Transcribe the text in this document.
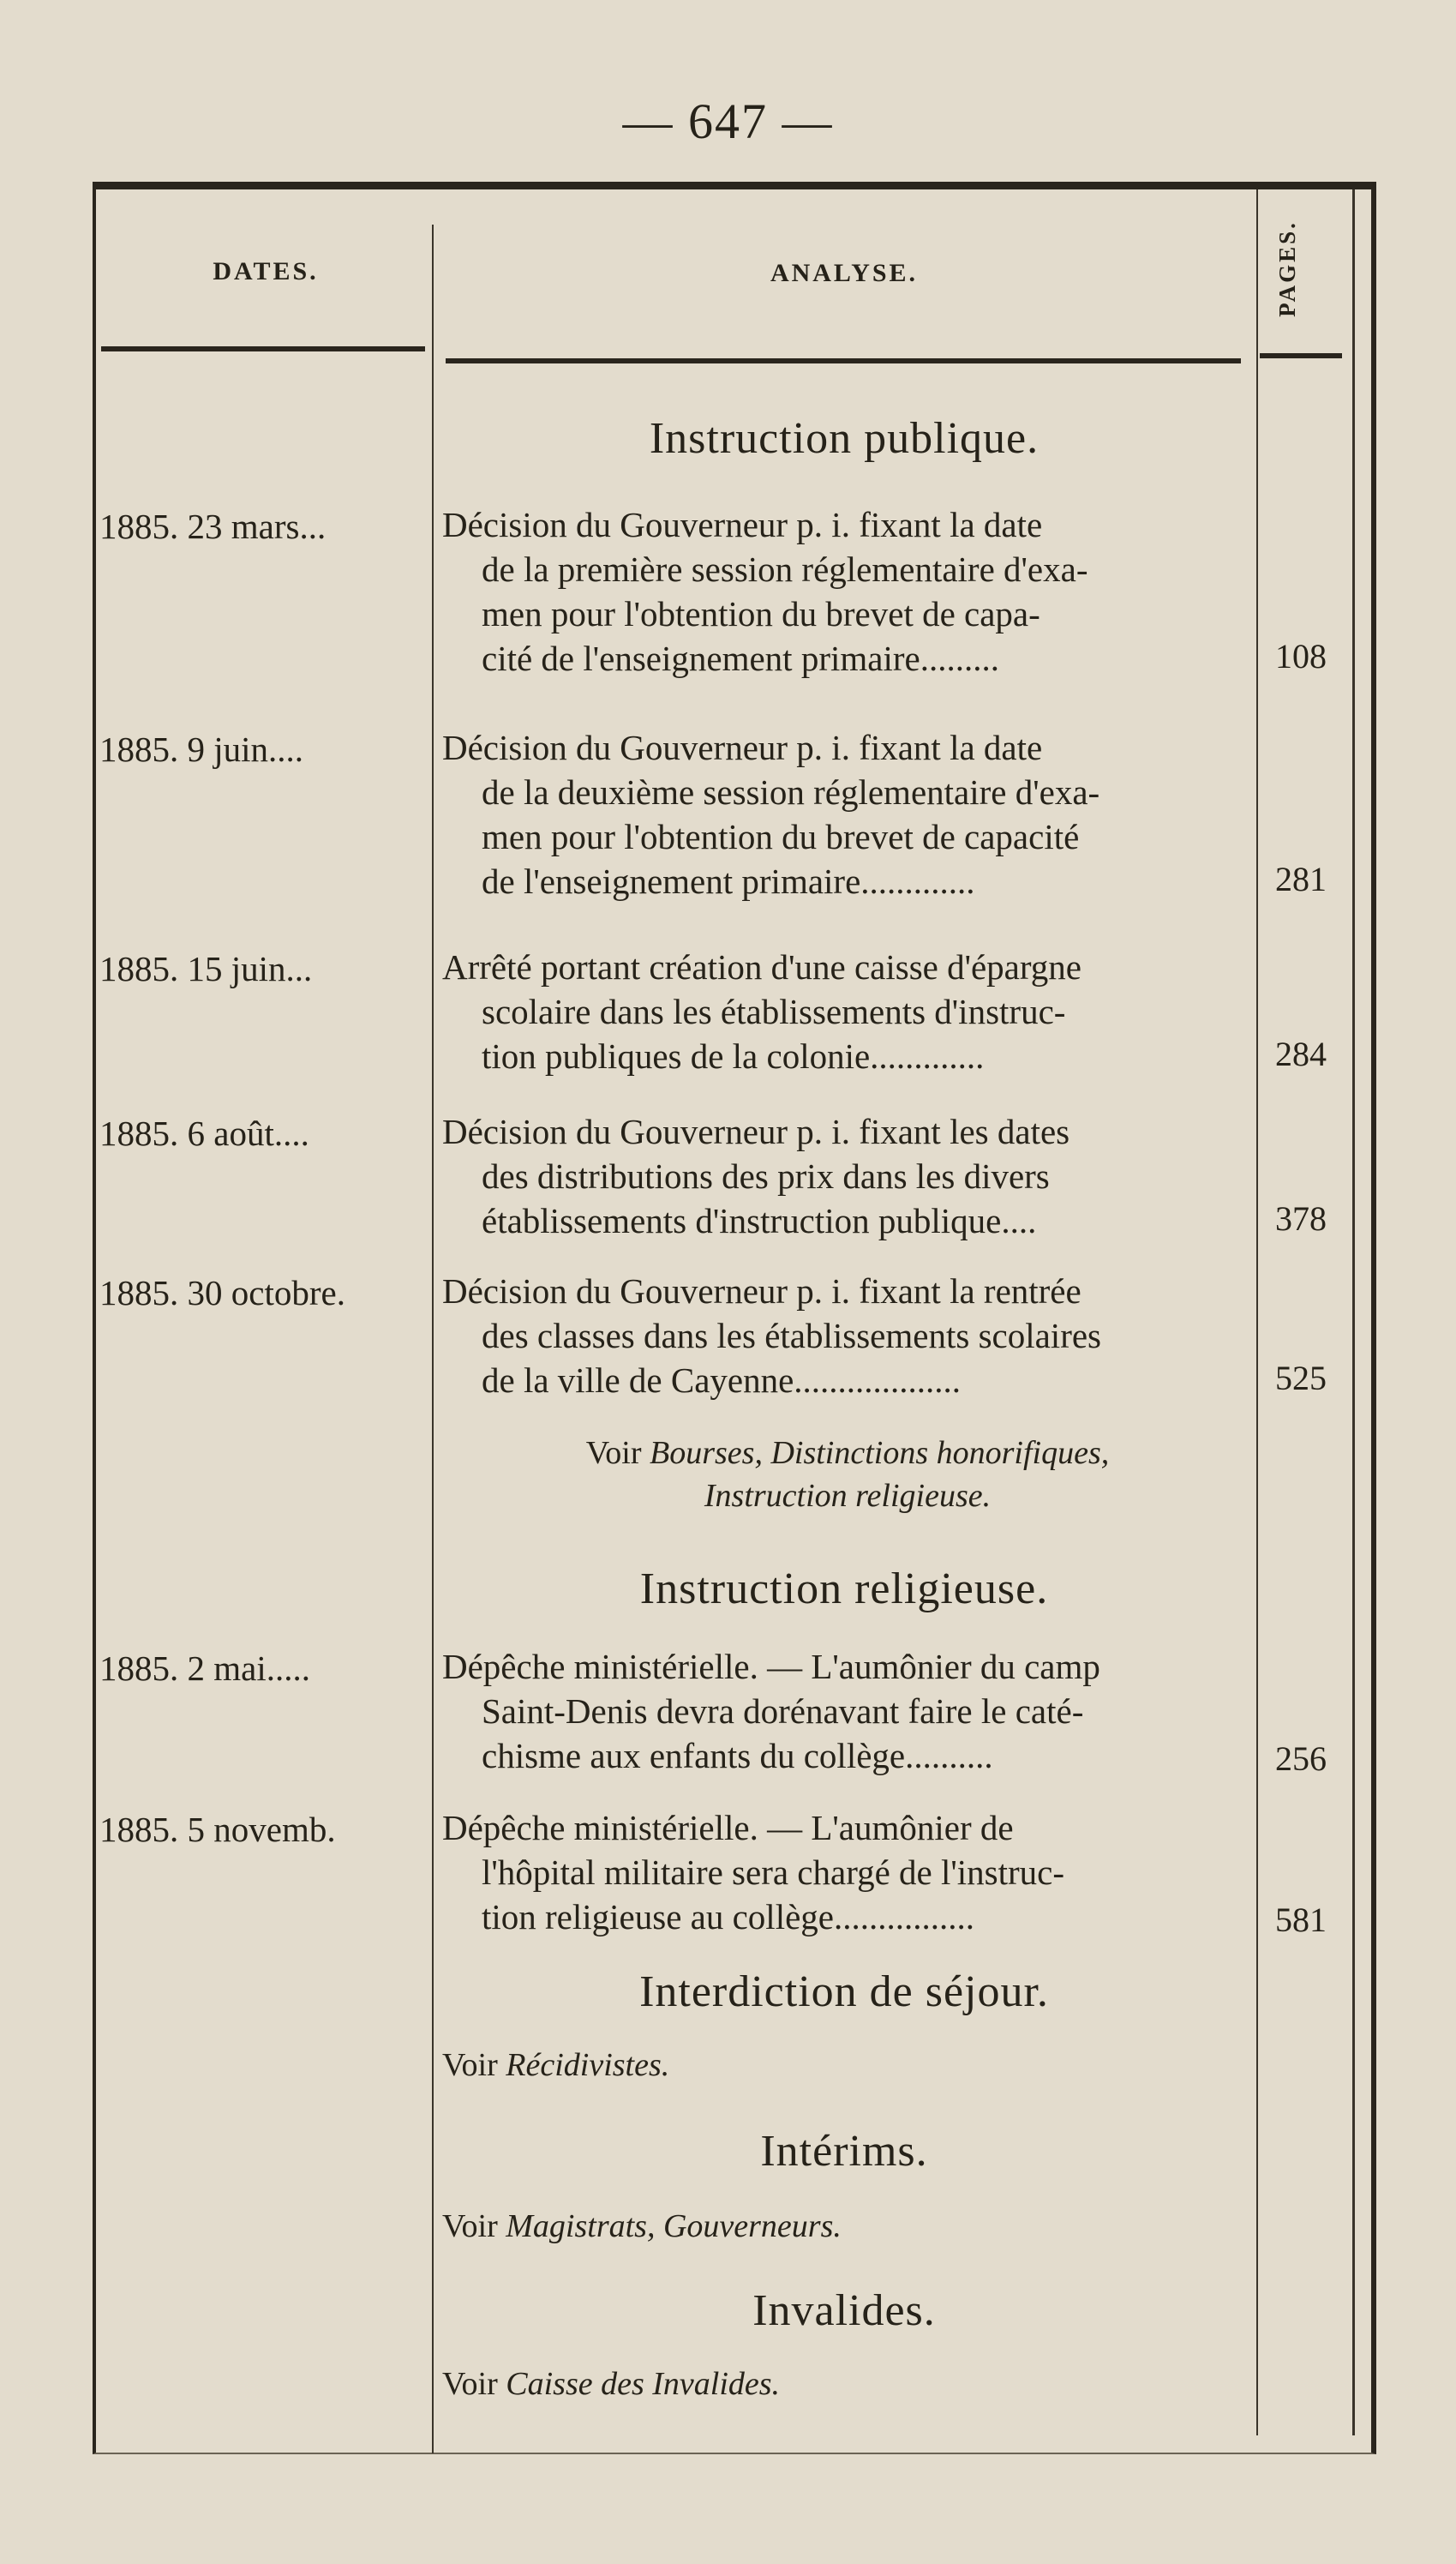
— 647 —
DATES.	ANALYSE.	PAGES.
Instruction publique.
1885. 23 mars...	Décision du Gouverneur p. i. fixant la date
de la première session réglementaire d'exa-
men pour l'obtention du brevet de capa-
cité de l'enseignement primaire.........	108
1885. 9 juin....	Décision du Gouverneur p. i. fixant la date
de la deuxième session réglementaire d'exa-
men pour l'obtention du brevet de capacité
de l'enseignement primaire.............	281
1885. 15 juin...	Arrêté portant création d'une caisse d'épargne
scolaire dans les établissements d'instruc-
tion publiques de la colonie.............	284
1885. 6 août....	Décision du Gouverneur p. i. fixant les dates
des distributions des prix dans les divers
établissements d'instruction publique....	378
1885. 30 octobre.	Décision du Gouverneur p. i. fixant la rentrée
des classes dans les établissements scolaires
de la ville de Cayenne...................	525
Voir Bourses, Distinctions honorifiques,
Instruction religieuse.
Instruction religieuse.
1885. 2 mai.....	Dépêche ministérielle. — L'aumônier du camp
Saint-Denis devra dorénavant faire le caté-
chisme aux enfants du collège..........	256
1885. 5 novemb.	Dépêche ministérielle. — L'aumônier de
l'hôpital militaire sera chargé de l'instruc-
tion religieuse au collège................	581
Interdiction de séjour.
Voir Récidivistes.
Intérims.
Voir Magistrats, Gouverneurs.
Invalides.
Voir Caisse des Invalides.
